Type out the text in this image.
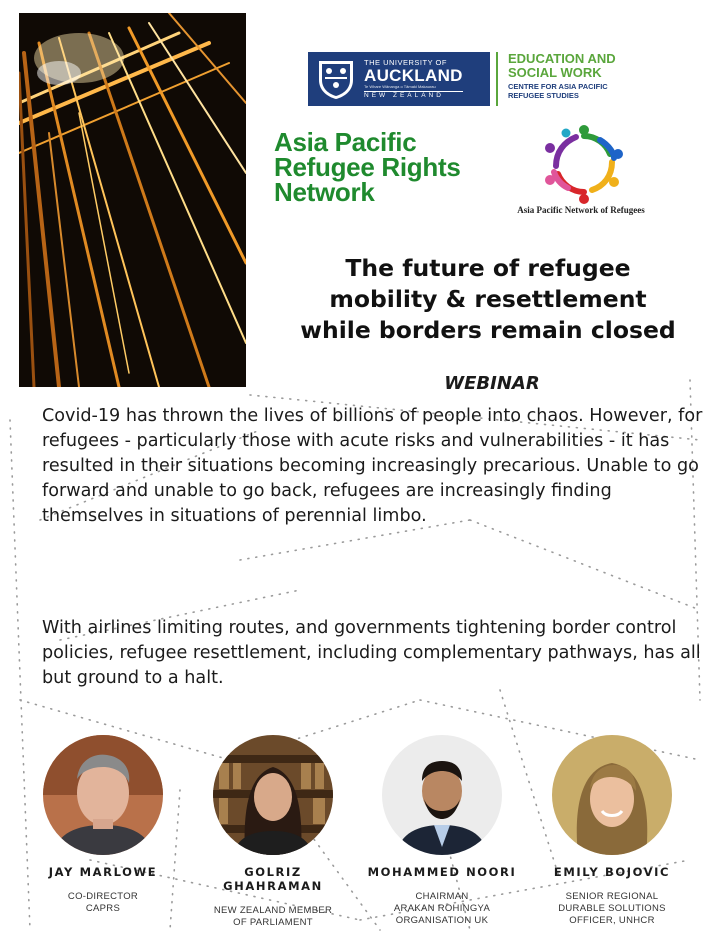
THE UNIVERSITY OF
AUCKLAND
Te Whare Wānanga o Tāmaki Makaurau
NEW ZEALAND
EDUCATION AND
SOCIAL WORK
CENTRE FOR ASIA PACIFIC
REFUGEE STUDIES
Asia Pacific
Refugee Rights
Network
Asia Pacific Network of Refugees
The future of refugee
mobility & resettlement
while borders remain closed
WEBINAR

Covid-19 has thrown the lives of billions of people into chaos. However, for refugees - particularly those with acute risks and vulnerabilities - it has resulted in their situations becoming increasingly precarious. Unable to go forward and unable to go back, refugees are increasingly finding themselves in situations of perennial limbo.

With airlines limiting routes, and governments tightening border control policies, refugee resettlement, including complementary pathways, has all but ground to a halt.

JAY MARLOWE
CO-DIRECTOR
CAPRS
GOLRIZ GHAHRAMAN
NEW ZEALAND MEMBER
OF PARLIAMENT
MOHAMMED NOORI
CHAIRMAN
ARAKAN ROHINGYA
ORGANISATION UK
EMILY BOJOVIC
SENIOR REGIONAL
DURABLE SOLUTIONS
OFFICER, UNHCR
